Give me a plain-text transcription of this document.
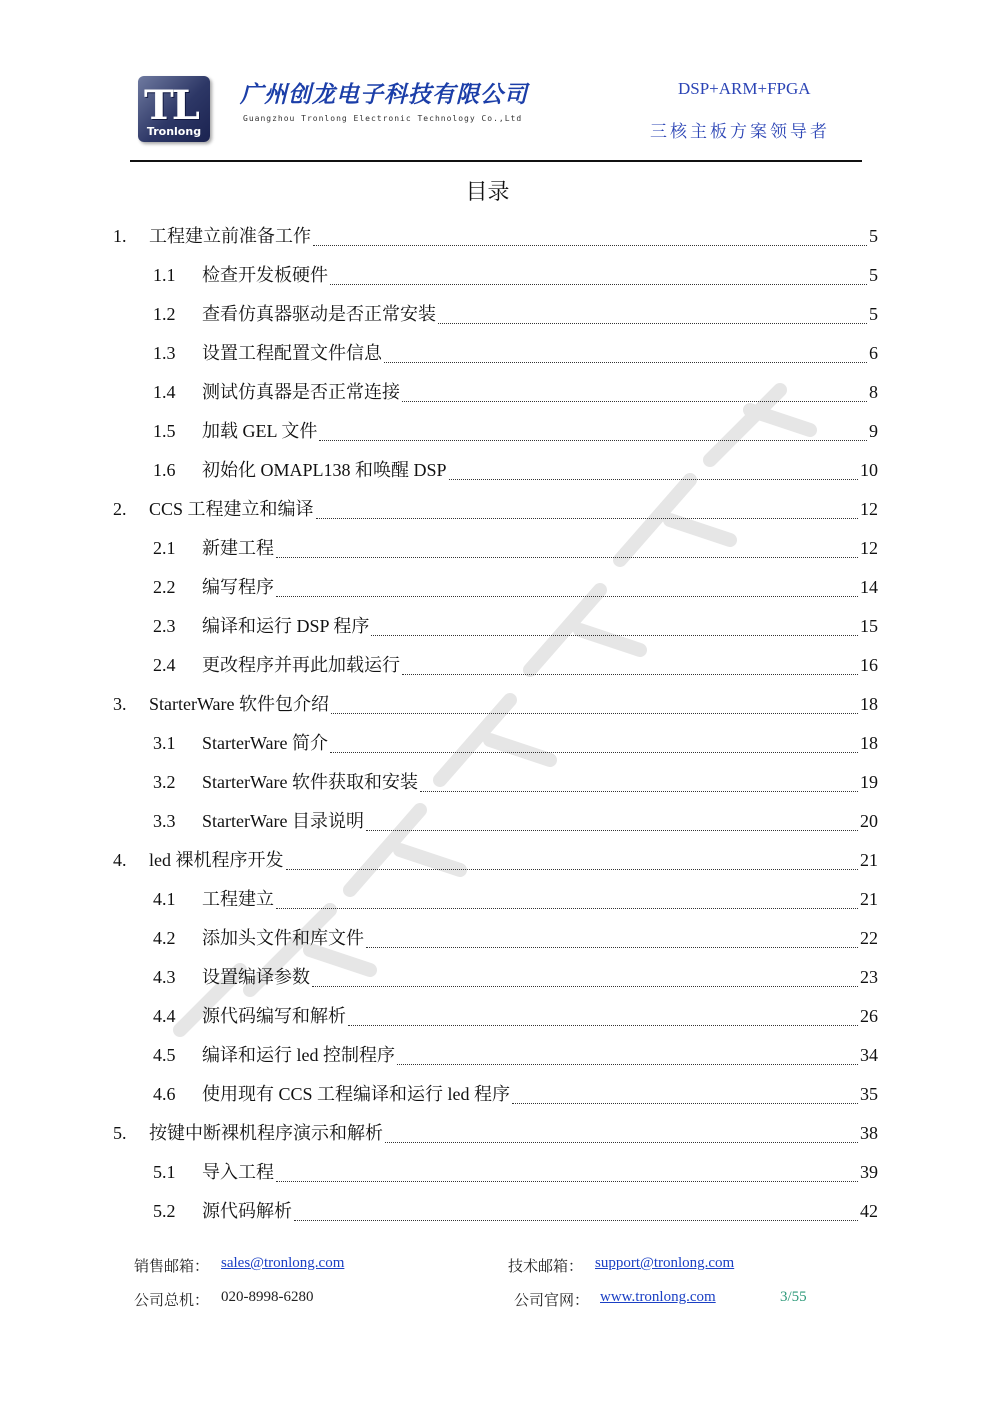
TL
Tronlong
广州创龙电子科技有限公司
Guangzhou Tronlong Electronic Technology Co.,Ltd
DSP+ARM+FPGA
三核主板方案领导者
目录
1.	工程建立前准备工作	5
1.1	检查开发板硬件	5
1.2	查看仿真器驱动是否正常安装	5
1.3	设置工程配置文件信息	6
1.4	测试仿真器是否正常连接	8
1.5	加载 GEL 文件	9
1.6	初始化 OMAPL138 和唤醒 DSP	10
2.	CCS 工程建立和编译	12
2.1	新建工程	12
2.2	编写程序	14
2.3	编译和运行 DSP 程序	15
2.4	更改程序并再此加载运行	16
3.	StarterWare 软件包介绍	18
3.1	StarterWare 简介	18
3.2	StarterWare 软件获取和安装	19
3.3	StarterWare 目录说明	20
4.	led 裸机程序开发	21
4.1	工程建立	21
4.2	添加头文件和库文件	22
4.3	设置编译参数	23
4.4	源代码编写和解析	26
4.5	编译和运行 led 控制程序	34
4.6	使用现有 CCS 工程编译和运行 led 程序	35
5.	按键中断裸机程序演示和解析	38
5.1	导入工程	39
5.2	源代码解析	42
销售邮箱： sales@tronlong.com	技术邮箱： support@tronlong.com
公司总机： 020-8998-6280	公司官网： www.tronlong.com	3/55
